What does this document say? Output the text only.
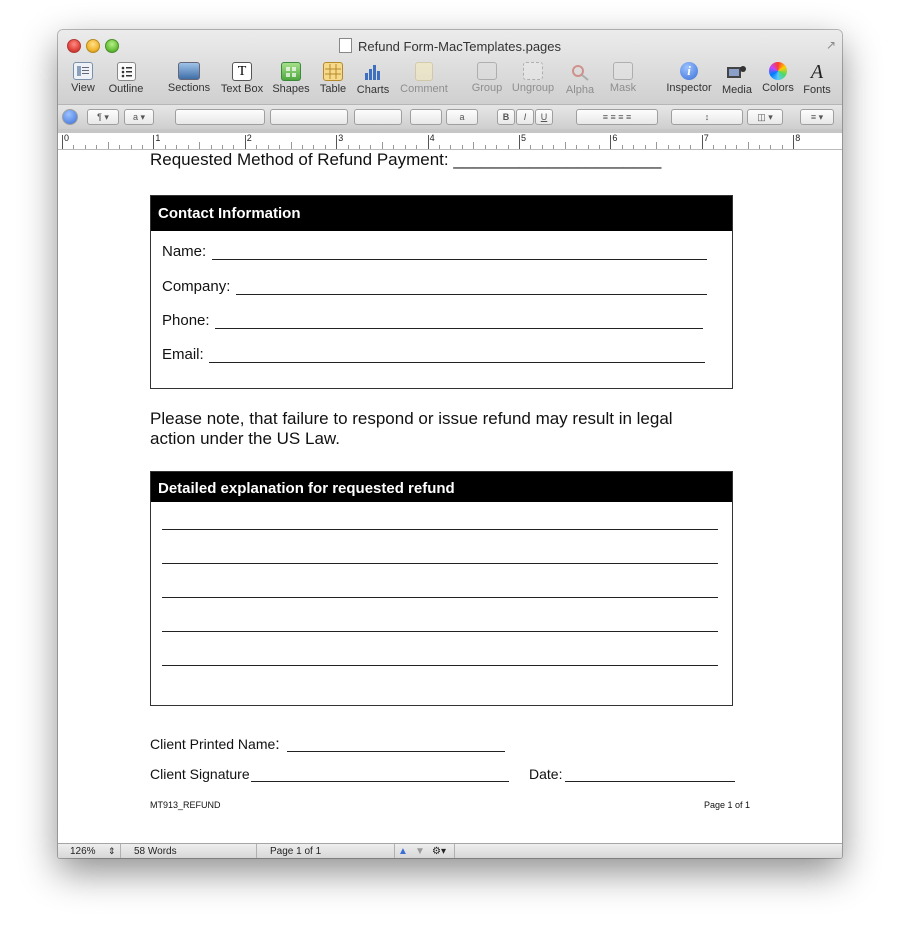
Refund Form-MacTemplates.pages	↗
View	Outline	Sections
T
Text Box Shapes Table Charts Comment	Group Ungroup Alpha Mask
i
Inspector Media Colors
A
Fonts
¶ ▾	a ▾	a	B	I	U	≡ ≡ ≡ ≡	↕	◫ ▾	≡ ▾
0	1	2	3	4	5	6	7	8
Requested Method of Refund Payment: ______________________
Contact Information
Name:
Company:
Phone:
Email:
Please note, that failure to respond or issue refund may result in legal
action under the US Law.
Detailed explanation for requested refund
Client Printed Name:
Client Signature	Date:
MT913_REFUND	Page 1 of 1
126% ⇕ 58 Words	Page 1 of 1	▲ ▼ ⚙▾
